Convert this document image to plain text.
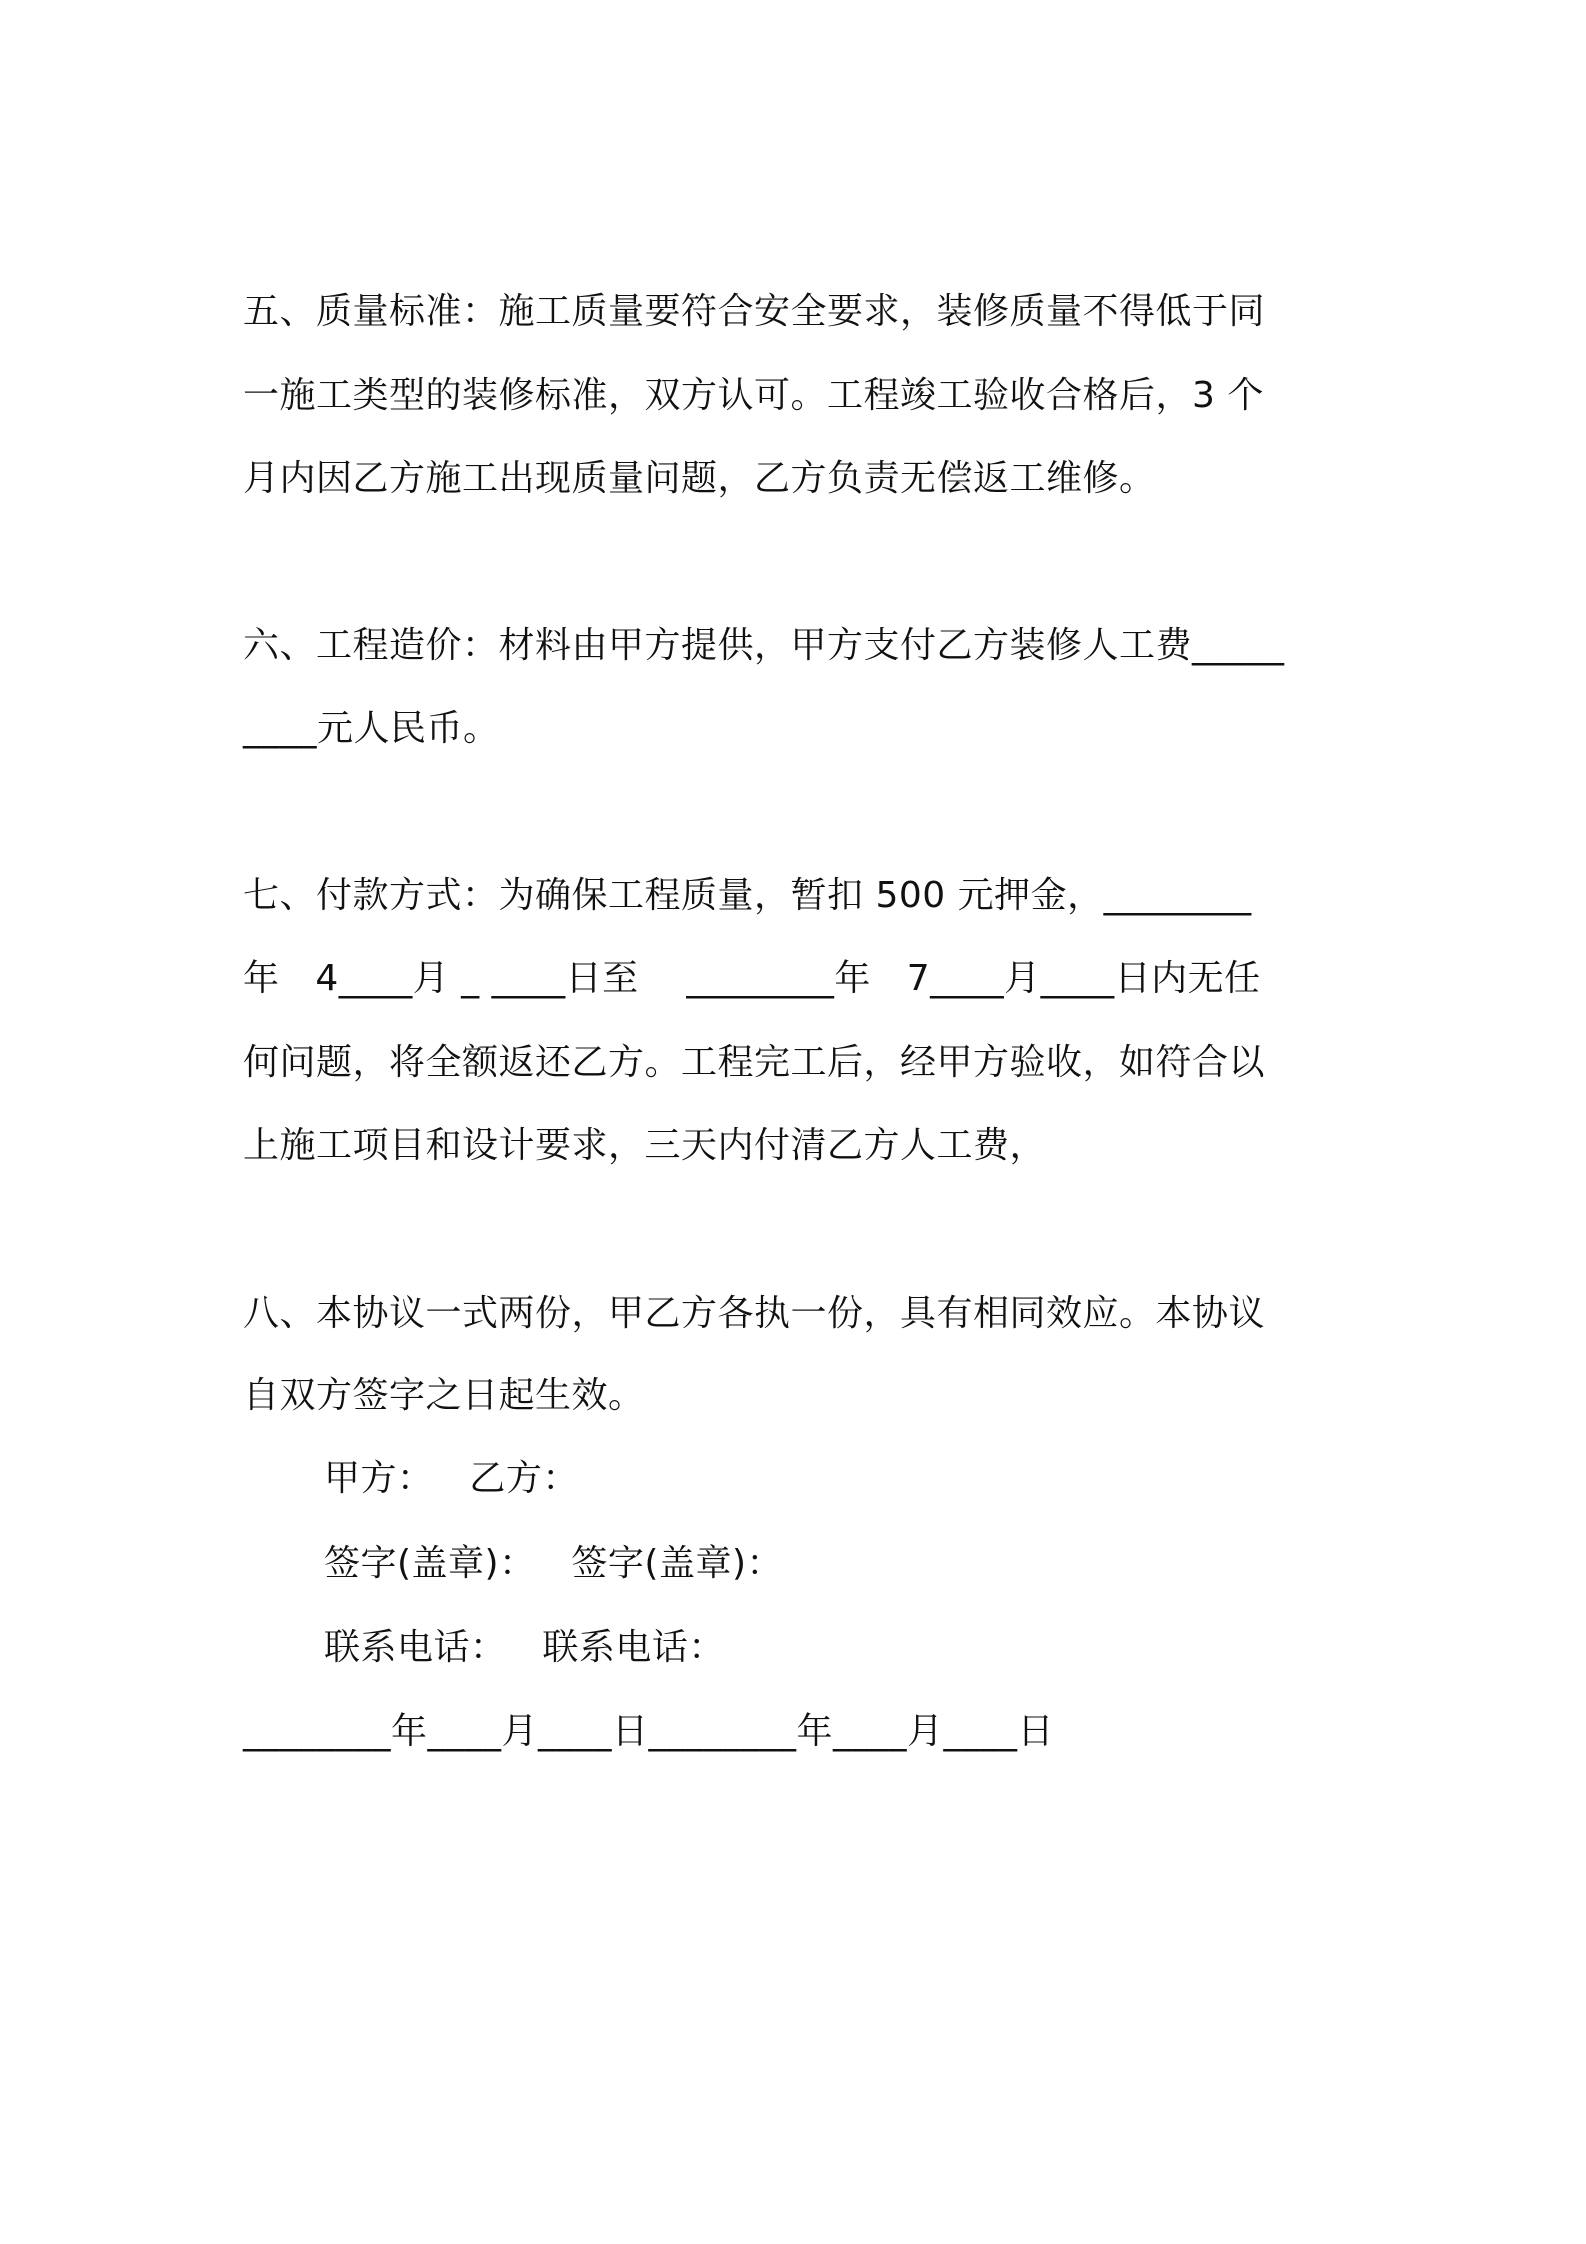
五、质量标准：施工质量要符合安全要求，装修质量不得低于同
一施工类型的装修标准，双方认可。工程竣工验收合格后，3 个
月内因乙方施工出现质量问题，乙方负责无偿返工维修。
六、工程造价：材料由甲方提供，甲方支付乙方装修人工费_____
____元人民币。
七、付款方式：为确保工程质量，暂扣 500 元押金，________
年   4____月 _ ____日至    ________年   7____月____日内无任
何问题，将全额返还乙方。工程完工后，经甲方验收，如符合以
上施工项目和设计要求，三天内付清乙方人工费，
八、本协议一式两份，甲乙方各执一份，具有相同效应。本协议
自双方签字之日起生效。
甲方：   乙方：
签字(盖章)：   签字(盖章)：
联系电话：   联系电话：
________年____月____日________年____月____日
